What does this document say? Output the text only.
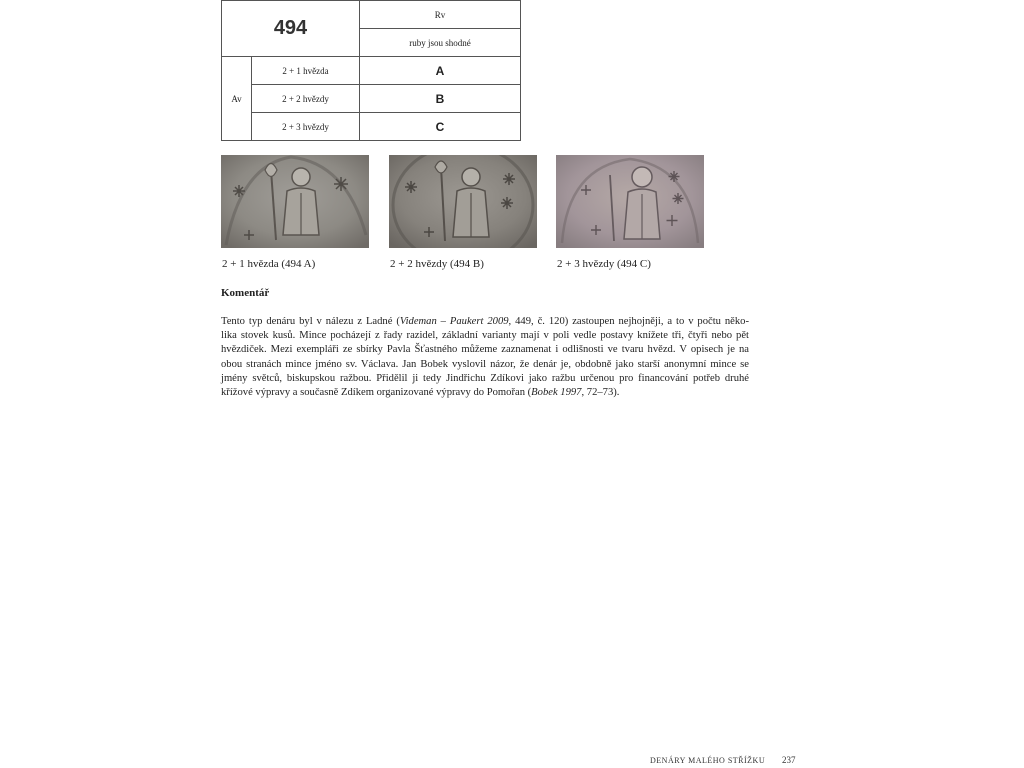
494		Rv
		ruby jsou shodné
Av	2 + 1 hvězda	A
	2 + 2 hvězdy	B
	2 + 3 hvězdy	C
2 + 1 hvězda (494 A)	2 + 2 hvězdy (494 B)	2 + 3 hvězdy (494 C)
Komentář
Tento typ denáru byl v nálezu z Ladné (Videman – Paukert 2009, 449, č. 120) zastoupen nejhojněji, a to v počtu něko-
lika stovek kusů. Mince pocházejí z řady razidel, základní varianty mají v poli vedle postavy knížete tři, čtyři nebo pět
hvězdiček. Mezi exempláři ze sbírky Pavla Šťastného můžeme zaznamenat i odlišnosti ve tvaru hvězd. V opisech je na
obou stranách mince jméno sv. Václava. Jan Bobek vyslovil názor, že denár je, obdobně jako starší anonymní mince se
jmény světců, biskupskou ražbou. Přidělil ji tedy Jindřichu Zdíkovi jako ražbu určenou pro financování potřeb druhé
křížové výpravy a současně Zdíkem organizované výpravy do Pomořan (Bobek 1997, 72–73).
DENÁRY MALÉHO STŘÍŽKU 237
